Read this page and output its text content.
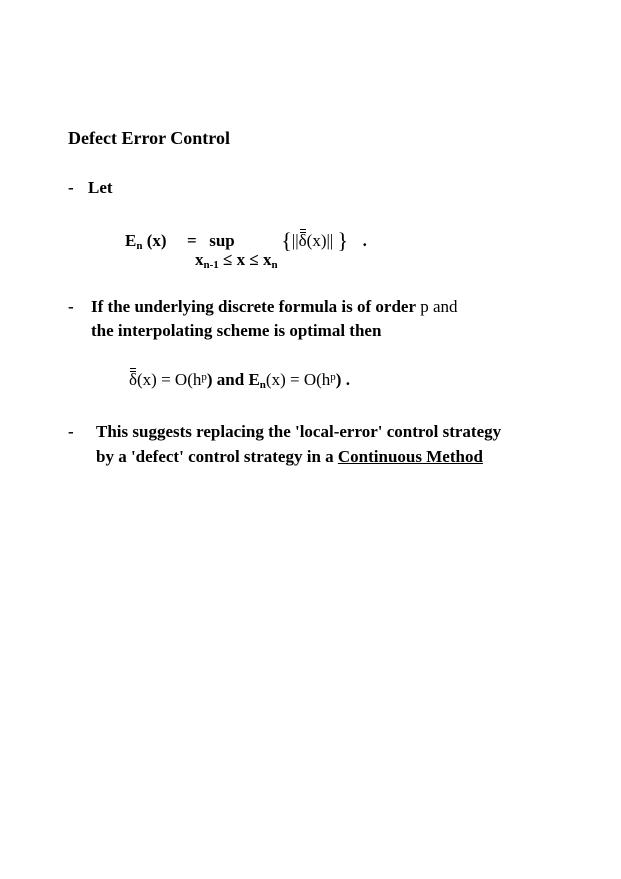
Defect Error Control
- Let
En (x) = sup {||
δ(x)|| } .
xn-1 ≤ x ≤ xn
- If the underlying discrete formula is of order p and
the interpolating scheme is optimal then
$\delta(x) = O(h^p)$ and $En(x) = O(h^p)$ .
- This suggests replacing the 'local-error' control strategy
by a 'defect' control strategy in a Continuous Method
